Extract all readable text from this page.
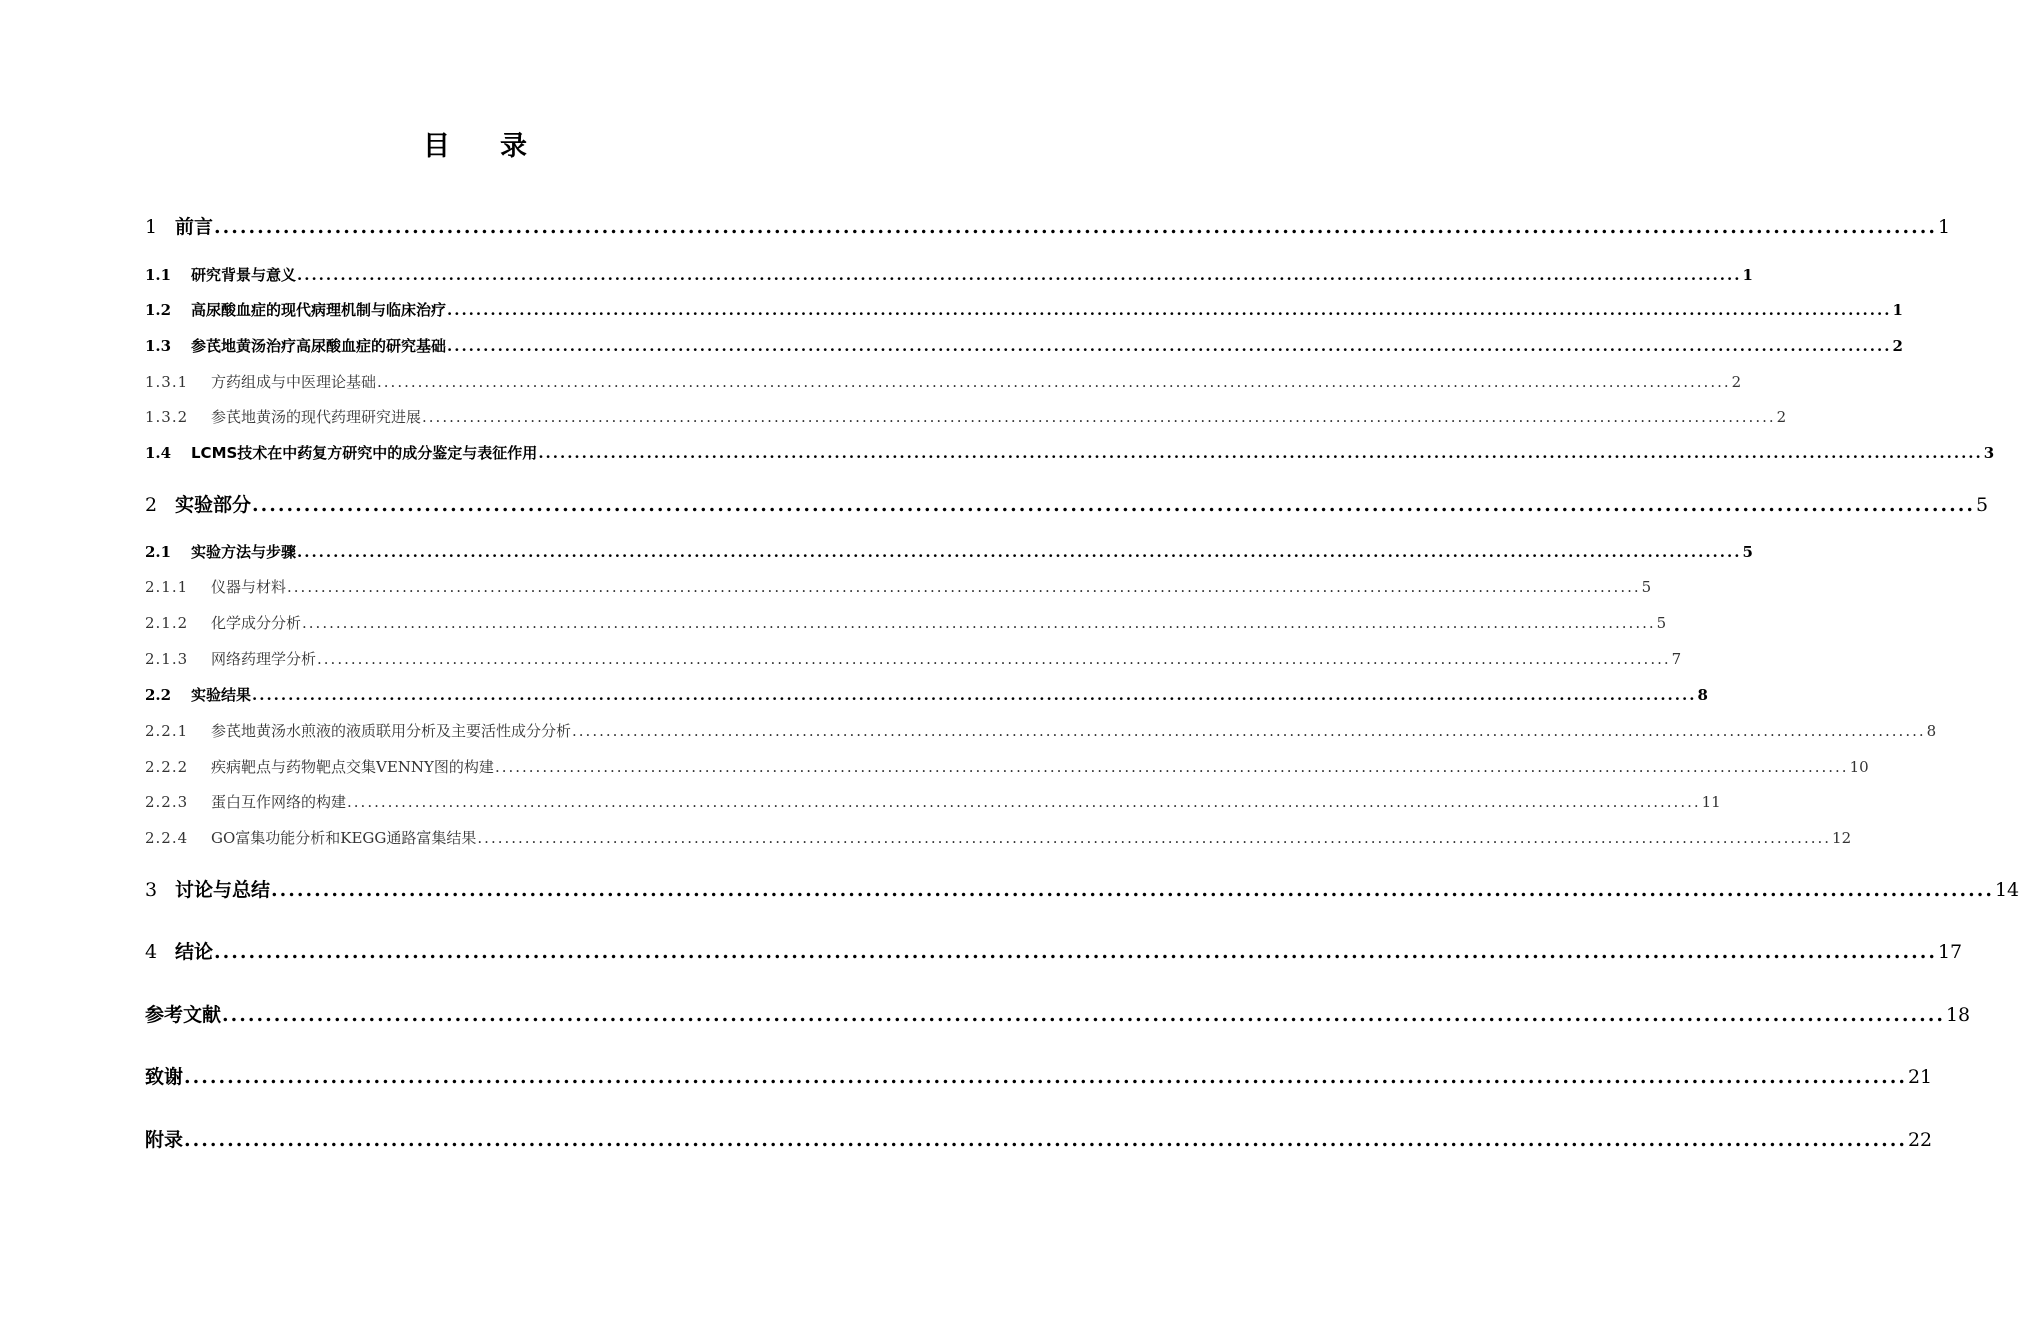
目 录
1 前言 ........................................................................................................................................................................................................ 1
1.1	研究背景与意义 ........................................................................................................................................................................................................ 1
1.2	高尿酸血症的现代病理机制与临床治疗 ........................................................................................................................................................................................................ 1
1.3	参芪地黄汤治疗高尿酸血症的研究基础 ........................................................................................................................................................................................................ 2
1.3.1	方药组成与中医理论基础 ........................................................................................................................................................................................................ 2
1.3.2	参芪地黄汤的现代药理研究进展 ........................................................................................................................................................................................................ 2
1.4	LCMS技术在中药复方研究中的成分鉴定与表征作用 ........................................................................................................................................................................................................ 3
2 实验部分 ........................................................................................................................................................................................................ 5
2.1	实验方法与步骤 ........................................................................................................................................................................................................ 5
2.1.1	仪器与材料 ........................................................................................................................................................................................................ 5
2.1.2	化学成分分析 ........................................................................................................................................................................................................ 5
2.1.3	网络药理学分析 ........................................................................................................................................................................................................ 7
2.2	实验结果 ........................................................................................................................................................................................................ 8
2.2.1	参芪地黄汤水煎液的液质联用分析及主要活性成分分析 ........................................................................................................................................................................................................ 8
2.2.2	疾病靶点与药物靶点交集VENNY图的构建 ........................................................................................................................................................................................................ 10
2.2.3	蛋白互作网络的构建 ........................................................................................................................................................................................................ 11
2.2.4	GO富集功能分析和KEGG通路富集结果 ........................................................................................................................................................................................................ 12
3 讨论与总结 ........................................................................................................................................................................................................ 14
4 结论 ........................................................................................................................................................................................................ 17
参考文献 ........................................................................................................................................................................................................ 18
致谢 ........................................................................................................................................................................................................ 21
附录 ........................................................................................................................................................................................................ 22
